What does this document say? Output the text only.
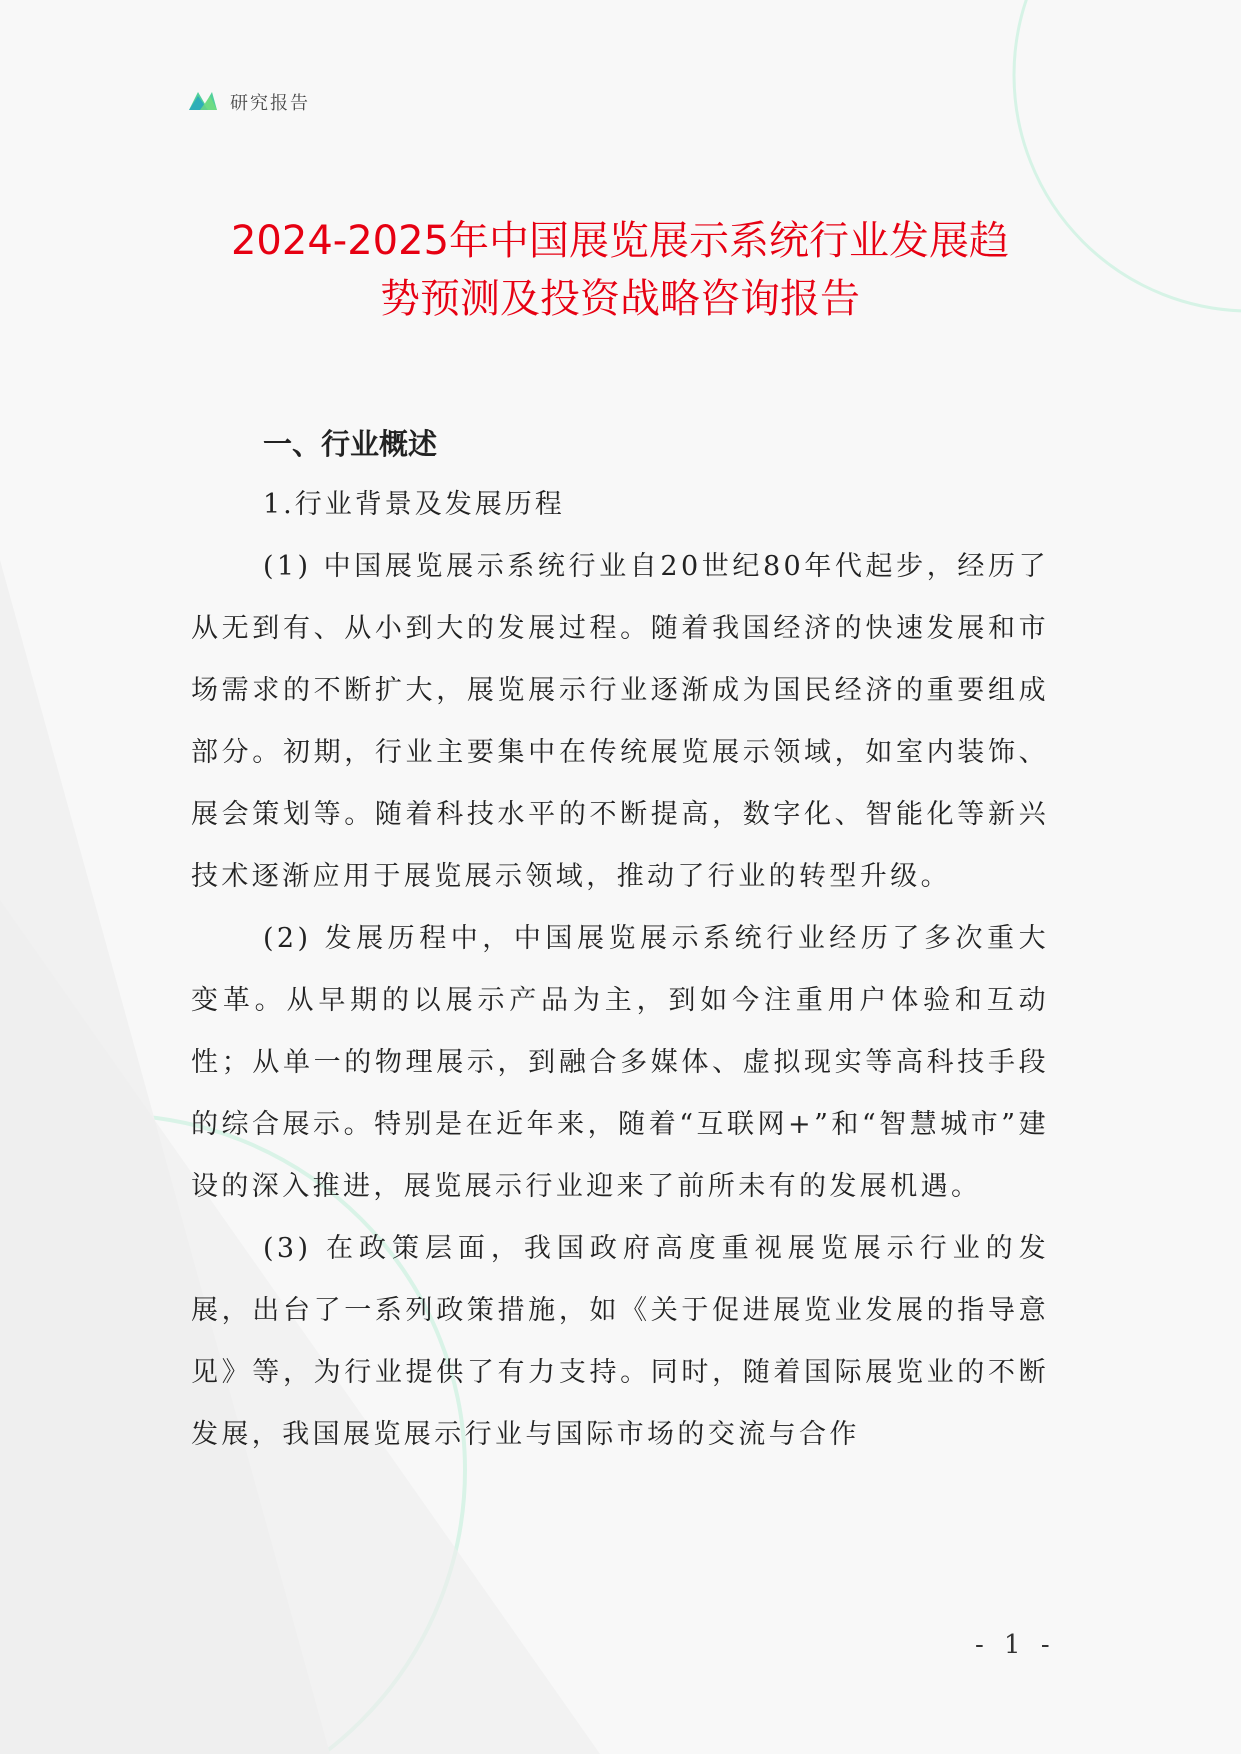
研究报告
2024-2025年中国展览展示系统行业发展趋
势预测及投资战略咨询报告

一、行业概述

1.行业背景及发展历程

(1) 中国展览展示系统行业自20世纪80年代起步，经历了从无到有、从小到大的发展过程。随着我国经济的快速发展和市场需求的不断扩大，展览展示行业逐渐成为国民经济的重要组成部分。初期，行业主要集中在传统展览展示领域，如室内装饰、展会策划等。随着科技水平的不断提高，数字化、智能化等新兴技术逐渐应用于展览展示领域，推动了行业的转型升级。

(2) 发展历程中，中国展览展示系统行业经历了多次重大变革。从早期的以展示产品为主，到如今注重用户体验和互动性；从单一的物理展示，到融合多媒体、虚拟现实等高科技手段的综合展示。特别是在近年来，随着“互联网+”和“智慧城市”建设的深入推进，展览展示行业迎来了前所未有的发展机遇。

(3) 在政策层面，我国政府高度重视展览展示行业的发展，出台了一系列政策措施，如《关于促进展览业发展的指导意见》等，为行业提供了有力支持。同时，随着国际展览业的不断发展，我国展览展示行业与国际市场的交流与合作

- 1 -
